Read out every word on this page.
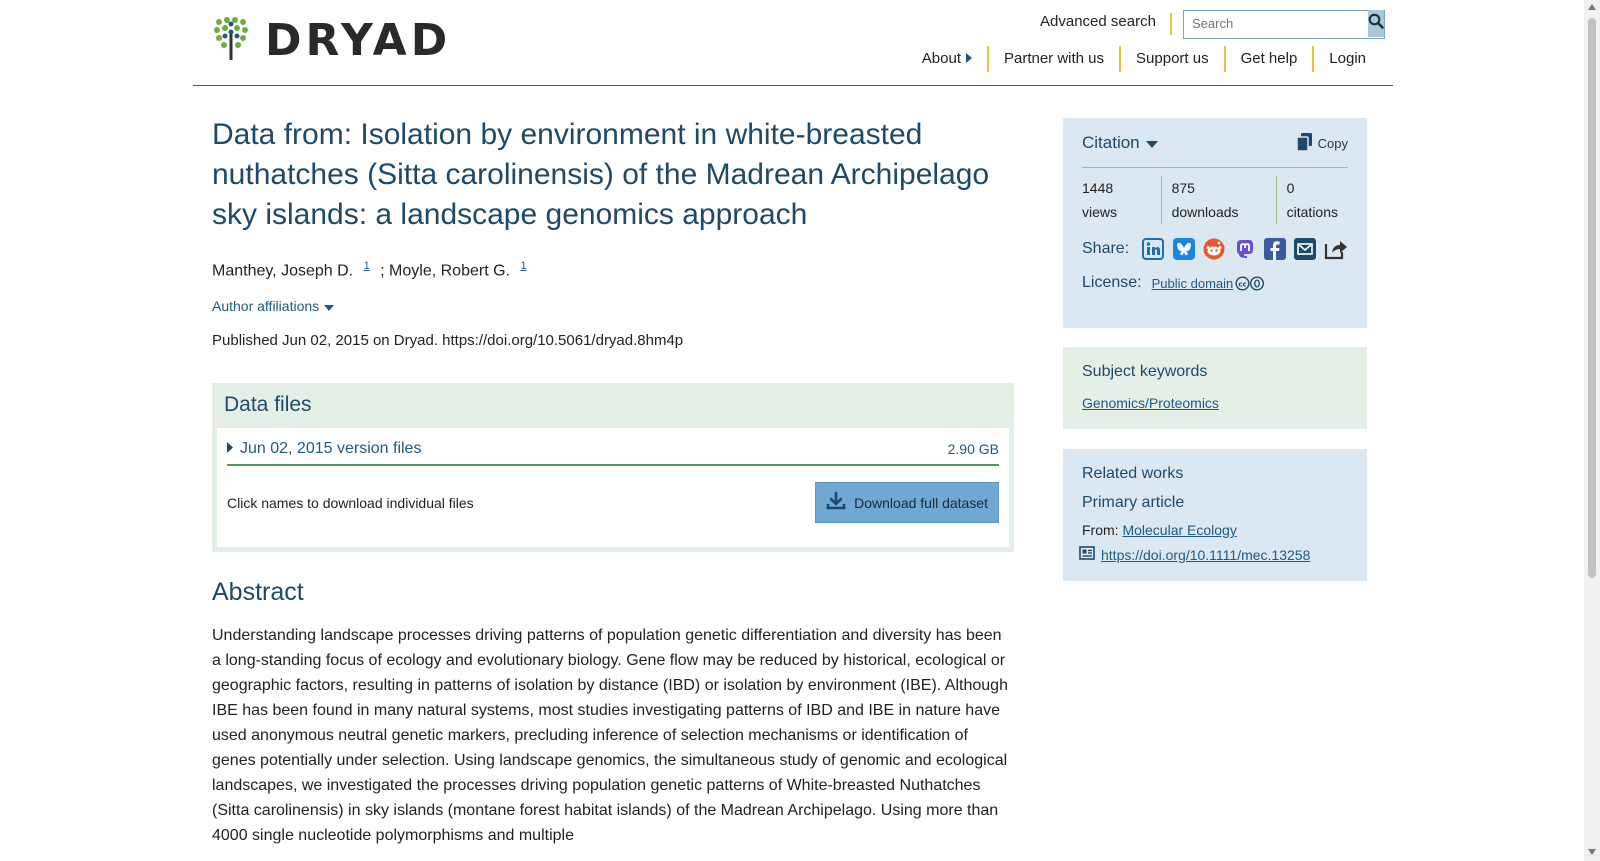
DRYAD	Advanced search
Search
About	Partner with us	Support us	Get help	Login
Data from: Isolation by environment in white-breasted nuthatches (Sitta carolinensis) of the Madrean Archipelago sky islands: a landscape genomics approach
Manthey, Joseph D. $^1$ ; Moyle, Robert G. $^1$
Author affiliations
Published Jun 02, 2015 on Dryad. https://doi.org/10.5061/dryad.8hm4p
Data files
Jun 02, 2015 version files	2.90 GB
Click names to download individual files	Download full dataset
Abstract

Understanding landscape processes driving patterns of population genetic differentiation and diversity has been a long-standing focus of ecology and evolutionary biology. Gene flow may be reduced by historical, ecological or geographic factors, resulting in patterns of isolation by distance (IBD) or isolation by environment (IBE). Although IBE has been found in many natural systems, most studies investigating patterns of IBD and IBE in nature have used anonymous neutral genetic markers, precluding inference of selection mechanisms or identification of genes potentially under selection. Using landscape genomics, the simultaneous study of genomic and ecological landscapes, we investigated the processes driving population genetic patterns of White-breasted Nuthatches (Sitta carolinensis) in sky islands (montane forest habitat islands) of the Madrean Archipelago. Using more than 4000 single nucleotide polymorphisms and multiple

Citation	Copy
1448
views
875
downloads
0
citations
Share:
License: Public domain cc
Subject keywords
Genomics/Proteomics
Related works
Primary article
From: Molecular Ecology
https://doi.org/10.1111/mec.13258
